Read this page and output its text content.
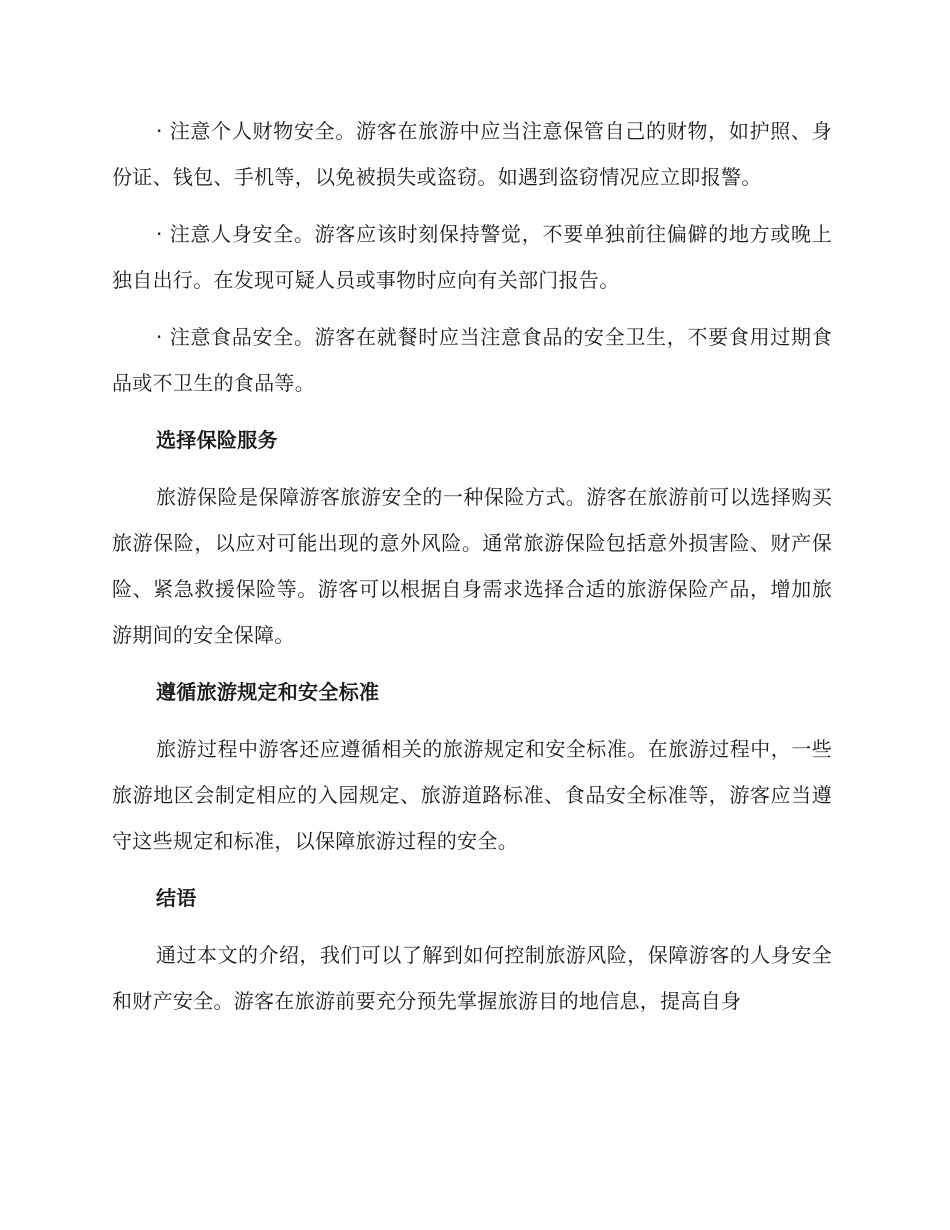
· 注意个人财物安全。游客在旅游中应当注意保管自己的财物，如护照、身份证、钱包、手机等，以免被损失或盗窃。如遇到盗窃情况应立即报警。

· 注意人身安全。游客应该时刻保持警觉，不要单独前往偏僻的地方或晚上独自出行。在发现可疑人员或事物时应向有关部门报告。

· 注意食品安全。游客在就餐时应当注意食品的安全卫生，不要食用过期食品或不卫生的食品等。

选择保险服务

旅游保险是保障游客旅游安全的一种保险方式。游客在旅游前可以选择购买旅游保险，以应对可能出现的意外风险。通常旅游保险包括意外损害险、财产保险、紧急救援保险等。游客可以根据自身需求选择合适的旅游保险产品，增加旅游期间的安全保障。

遵循旅游规定和安全标准

旅游过程中游客还应遵循相关的旅游规定和安全标准。在旅游过程中，一些旅游地区会制定相应的入园规定、旅游道路标准、食品安全标准等，游客应当遵守这些规定和标准，以保障旅游过程的安全。

结语

通过本文的介绍，我们可以了解到如何控制旅游风险，保障游客的人身安全和财产安全。游客在旅游前要充分预先掌握旅游目的地信息，提高自身
